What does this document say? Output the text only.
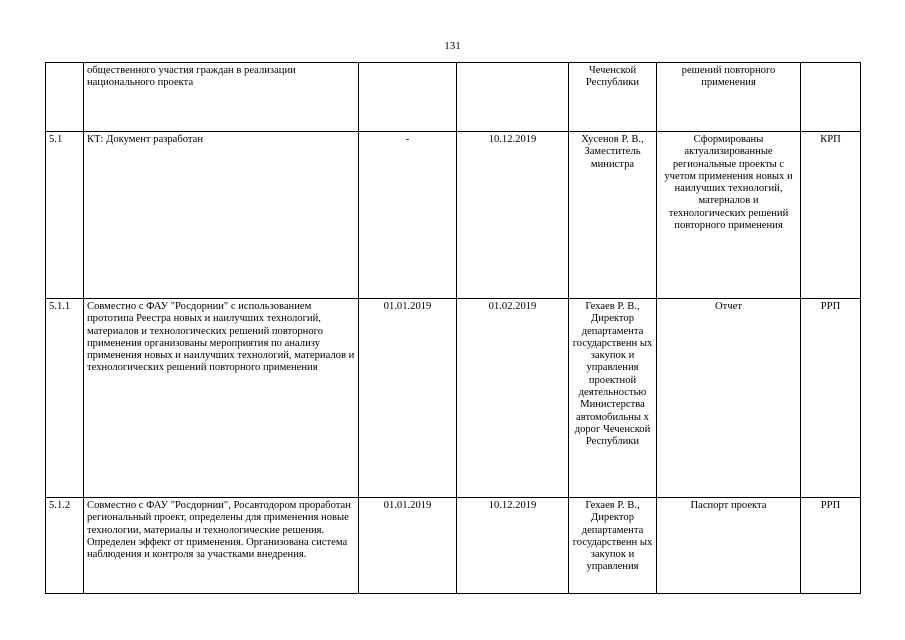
131
	общественного участия граждан в реализации национального проекта			Чеченской Республики	решений повторного применения	
5.1	КТ: Документ разработан	-	10.12.2019	Хусенов Р. В., Заместитель министра	Сформированы актуализированные региональные проекты с учетом применения новых и наилучших технологий, матерналов и технологических решений повторного применения	КРП
5.1.1	Совместно с ФАУ "Росдорнии" с использованием прототипа Реестра новых и наилучших технологий, материалов и технологических решений повторного применения организованы мероприятия по анализу применения новых и наилучших технологий, материалов и технологических решений повторного применения	01.01.2019	01.02.2019	Гехаев Р. В., Директор департамента государственн ых закупок и управления проектной деятельностью Министерства автомобильны х дорог Чеченской Республики	Отчет	РРП
5.1.2	Совместно с ФАУ "Росдорнии", Росавтодором проработан региональный проект, определены для применения новые технологии, материалы и технологические решения. Определен эффект от применения. Организована система наблюдения и контроля за участками внедрения.	01.01.2019	10.12.2019	Гехаев Р. В., Директор департамента государственн ых закупок и управления	Паспорт проекта	РРП
